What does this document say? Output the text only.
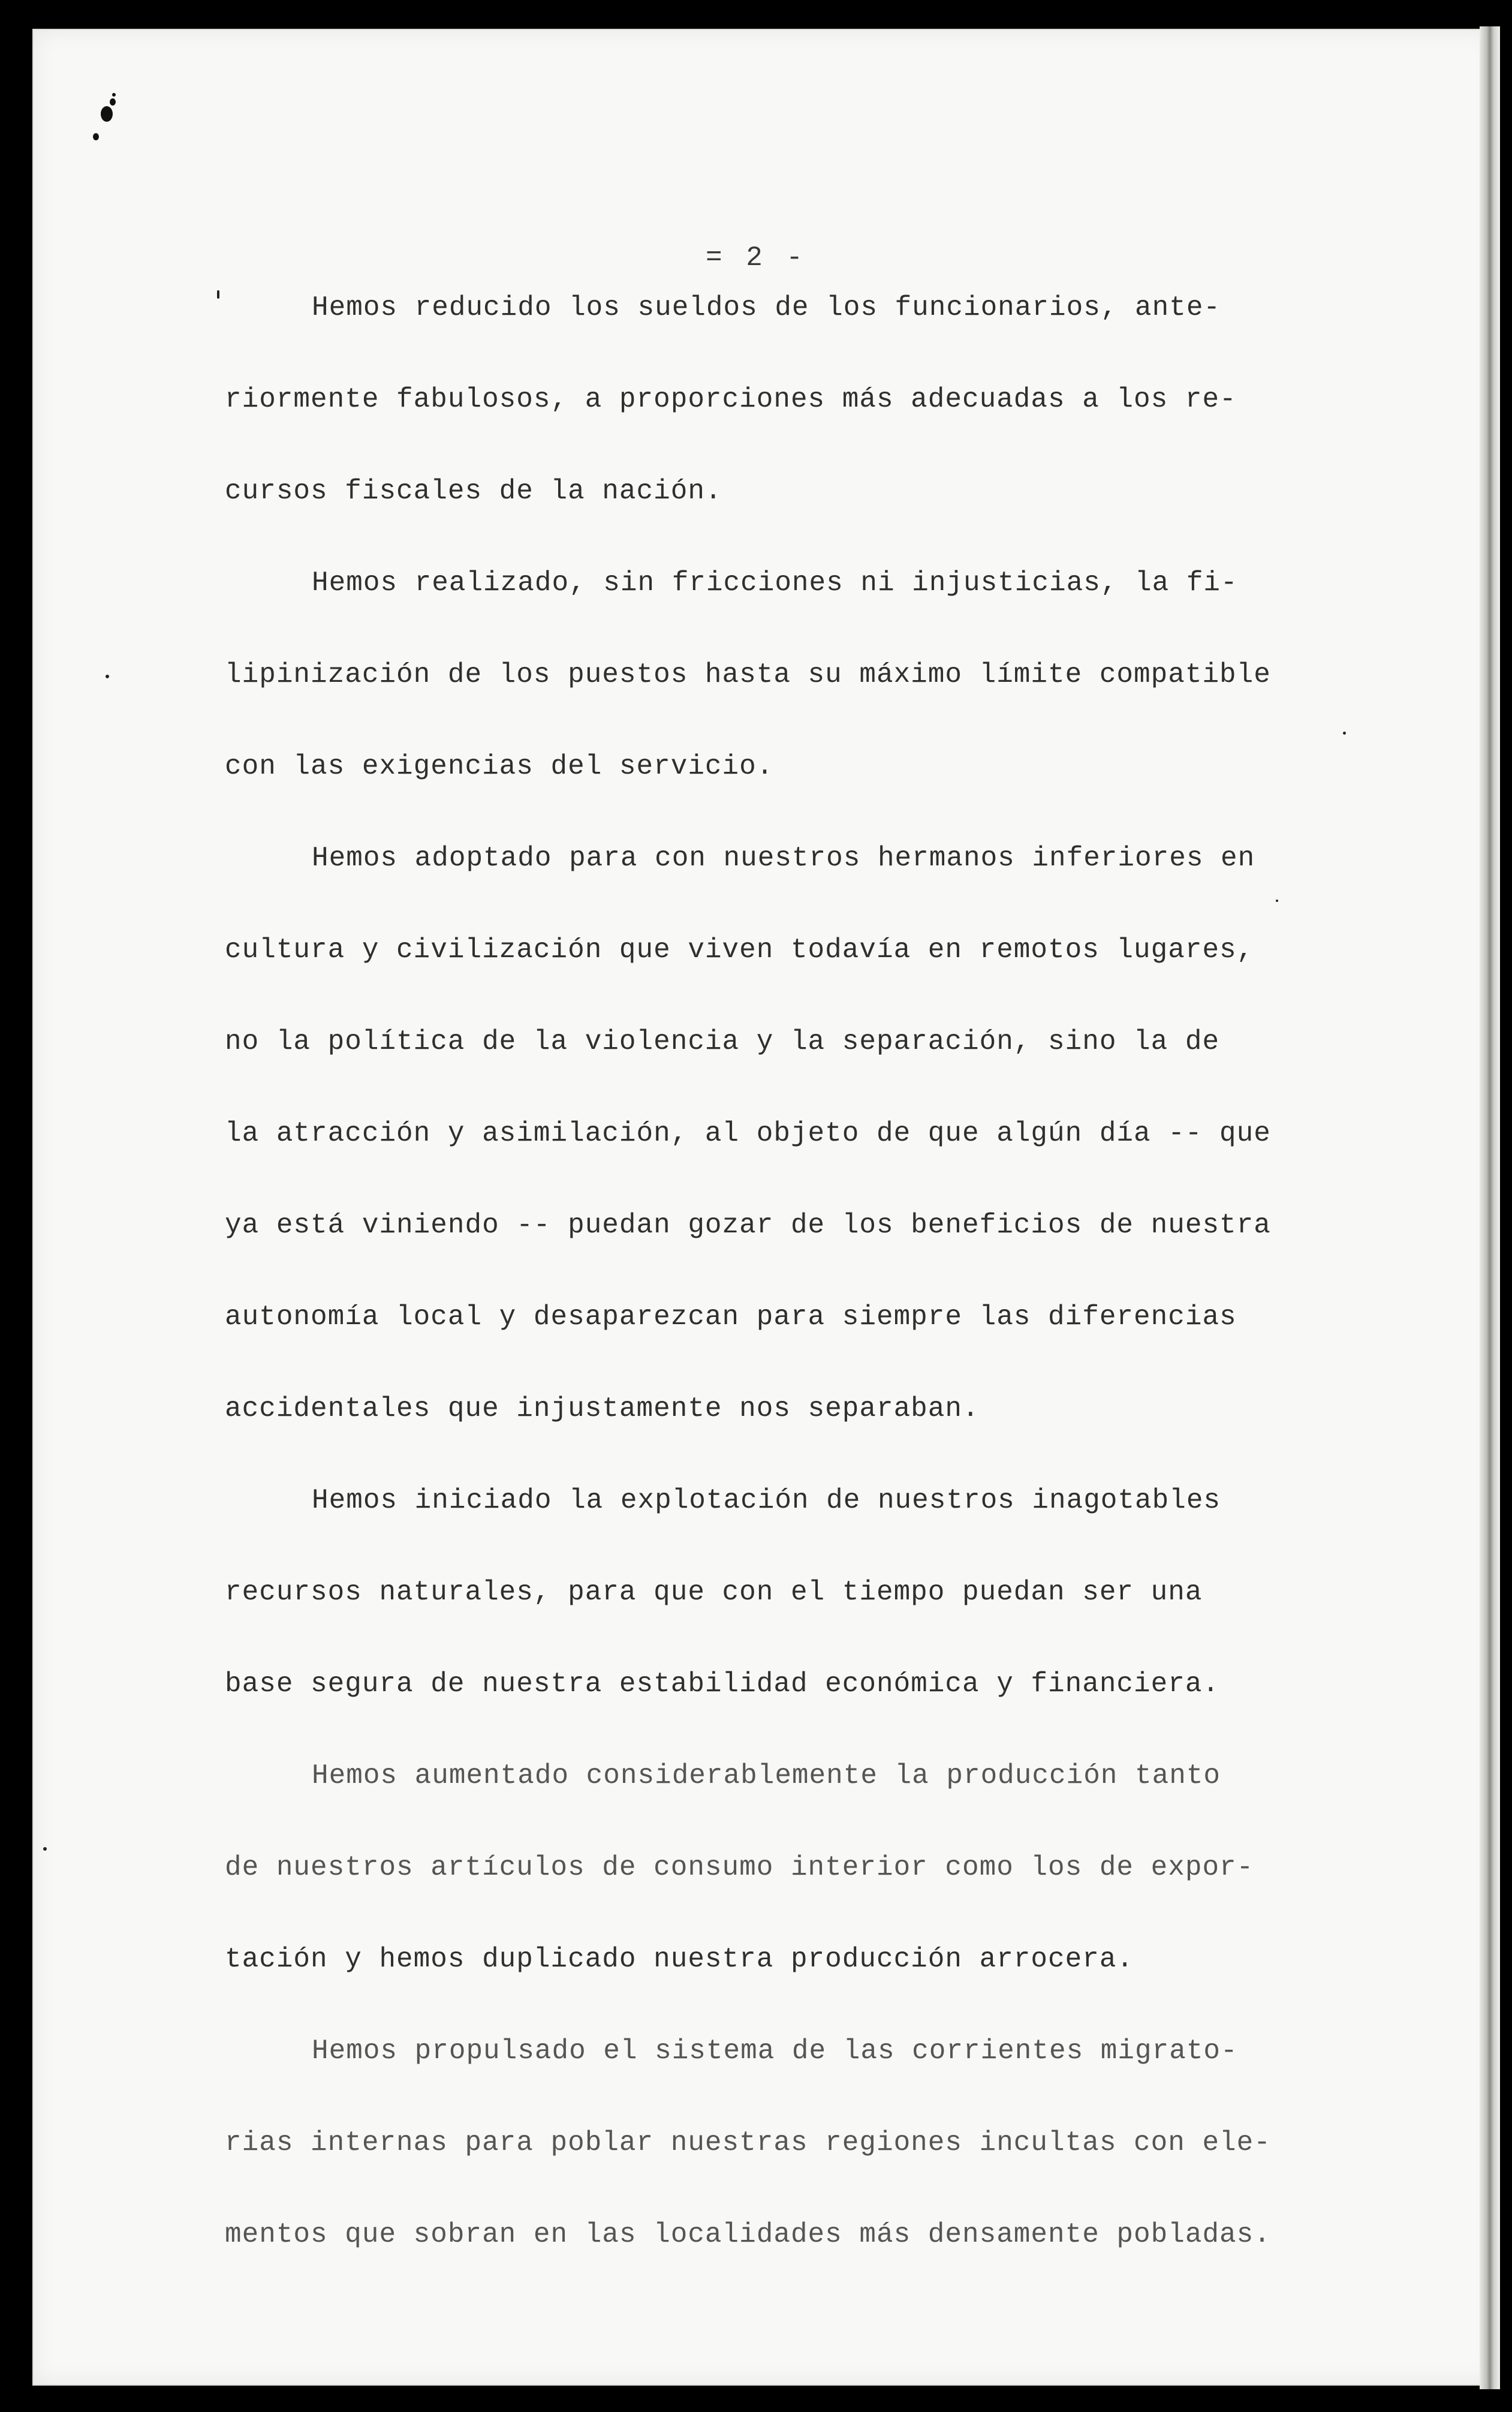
= 2 -
Hemos reducido los sueldos de los funcionarios, ante-
riormente fabulosos, a proporciones más adecuadas a los re-
cursos fiscales de la nación.
Hemos realizado, sin fricciones ni injusticias, la fi-
lipinización de los puestos hasta su máximo límite compatible
con las exigencias del servicio.
Hemos adoptado para con nuestros hermanos inferiores en
cultura y civilización que viven todavía en remotos lugares,
no la política de la violencia y la separación, sino la de
la atracción y asimilación, al objeto de que algún día -- que
ya está viniendo -- puedan gozar de los beneficios de nuestra
autonomía local y desaparezcan para siempre las diferencias
accidentales que injustamente nos separaban.
Hemos iniciado la explotación de nuestros inagotables
recursos naturales, para que con el tiempo puedan ser una
base segura de nuestra estabilidad económica y financiera.
Hemos aumentado considerablemente la producción tanto
de nuestros artículos de consumo interior como los de expor-
tación y hemos duplicado nuestra producción arrocera.
Hemos propulsado el sistema de las corrientes migrato-
rias internas para poblar nuestras regiones incultas con ele-
mentos que sobran en las localidades más densamente pobladas.
